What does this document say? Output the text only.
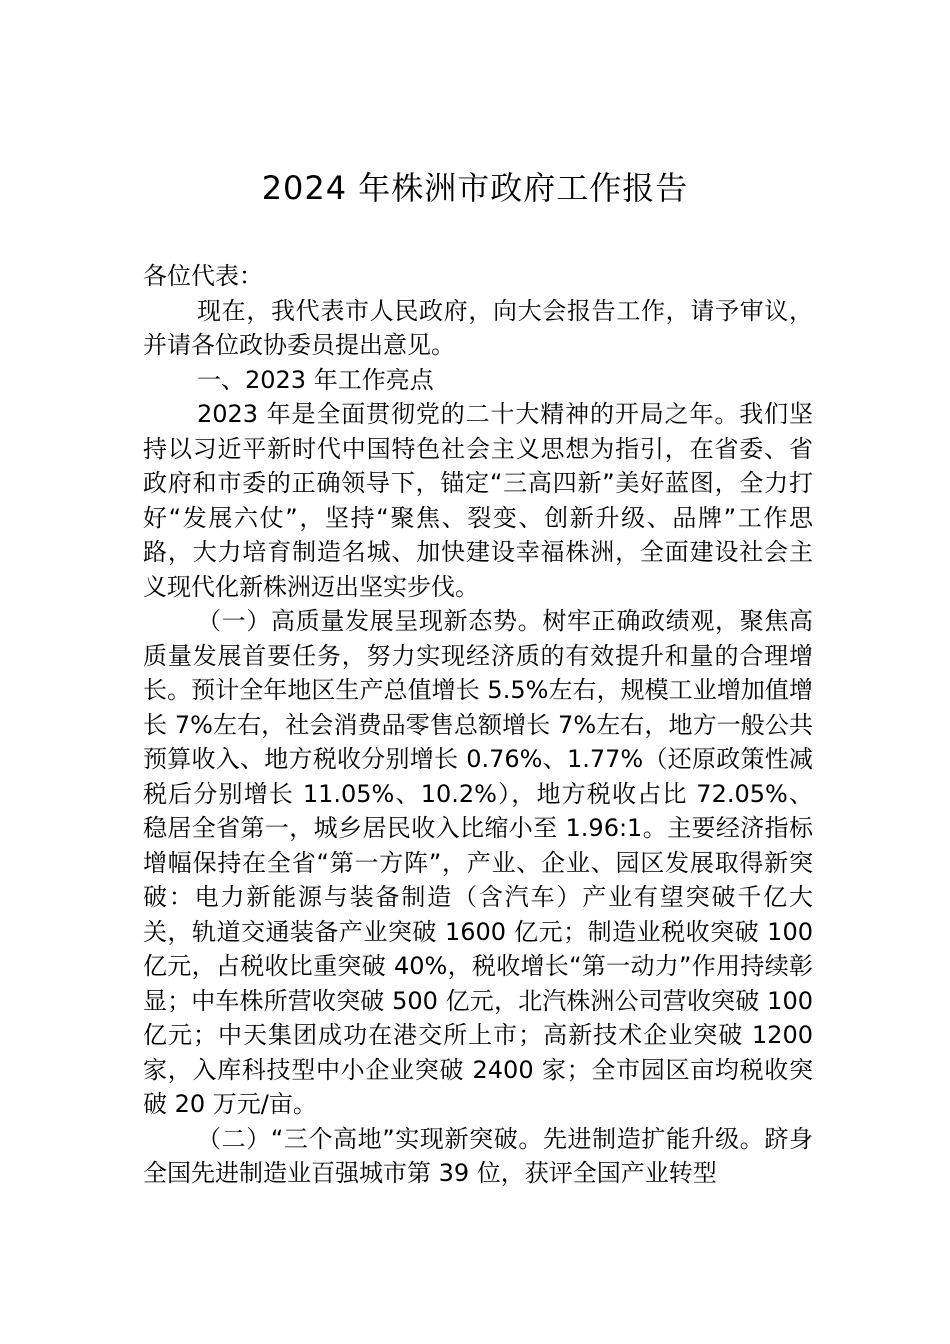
2024 年株洲市政府工作报告

各位代表：

现在，我代表市人民政府，向大会报告工作，请予审议，并请各位政协委员提出意见。

一、2023 年工作亮点

2023 年是全面贯彻党的二十大精神的开局之年。我们坚持以习近平新时代中国特色社会主义思想为指引，在省委、省政府和市委的正确领导下，锚定“三高四新”美好蓝图，全力打好“发展六仗”，坚持“聚焦、裂变、创新升级、品牌”工作思路，大力培育制造名城、加快建设幸福株洲，全面建设社会主义现代化新株洲迈出坚实步伐。

（一）高质量发展呈现新态势。树牢正确政绩观，聚焦高质量发展首要任务，努力实现经济质的有效提升和量的合理增长。预计全年地区生产总值增长 5.5%左右，规模工业增加值增长 7%左右，社会消费品零售总额增长 7%左右，地方一般公共预算收入、地方税收分别增长 0.76%、1.77%（还原政策性减税后分别增长 11.05%、10.2%），地方税收占比 72.05%、稳居全省第一，城乡居民收入比缩小至 1.96:1。主要经济指标增幅保持在全省“第一方阵”，产业、企业、园区发展取得新突破：电力新能源与装备制造（含汽车）产业有望突破千亿大关，轨道交通装备产业突破 1600 亿元；制造业税收突破 100 亿元，占税收比重突破 40%，税收增长“第一动力”作用持续彰显；中车株所营收突破 500 亿元，北汽株洲公司营收突破 100 亿元；中天集团成功在港交所上市；高新技术企业突破 1200 家，入库科技型中小企业突破 2400 家；全市园区亩均税收突破 20 万元/亩。

（二）“三个高地”实现新突破。先进制造扩能升级。跻身全国先进制造业百强城市第 39 位，获评全国产业转型
